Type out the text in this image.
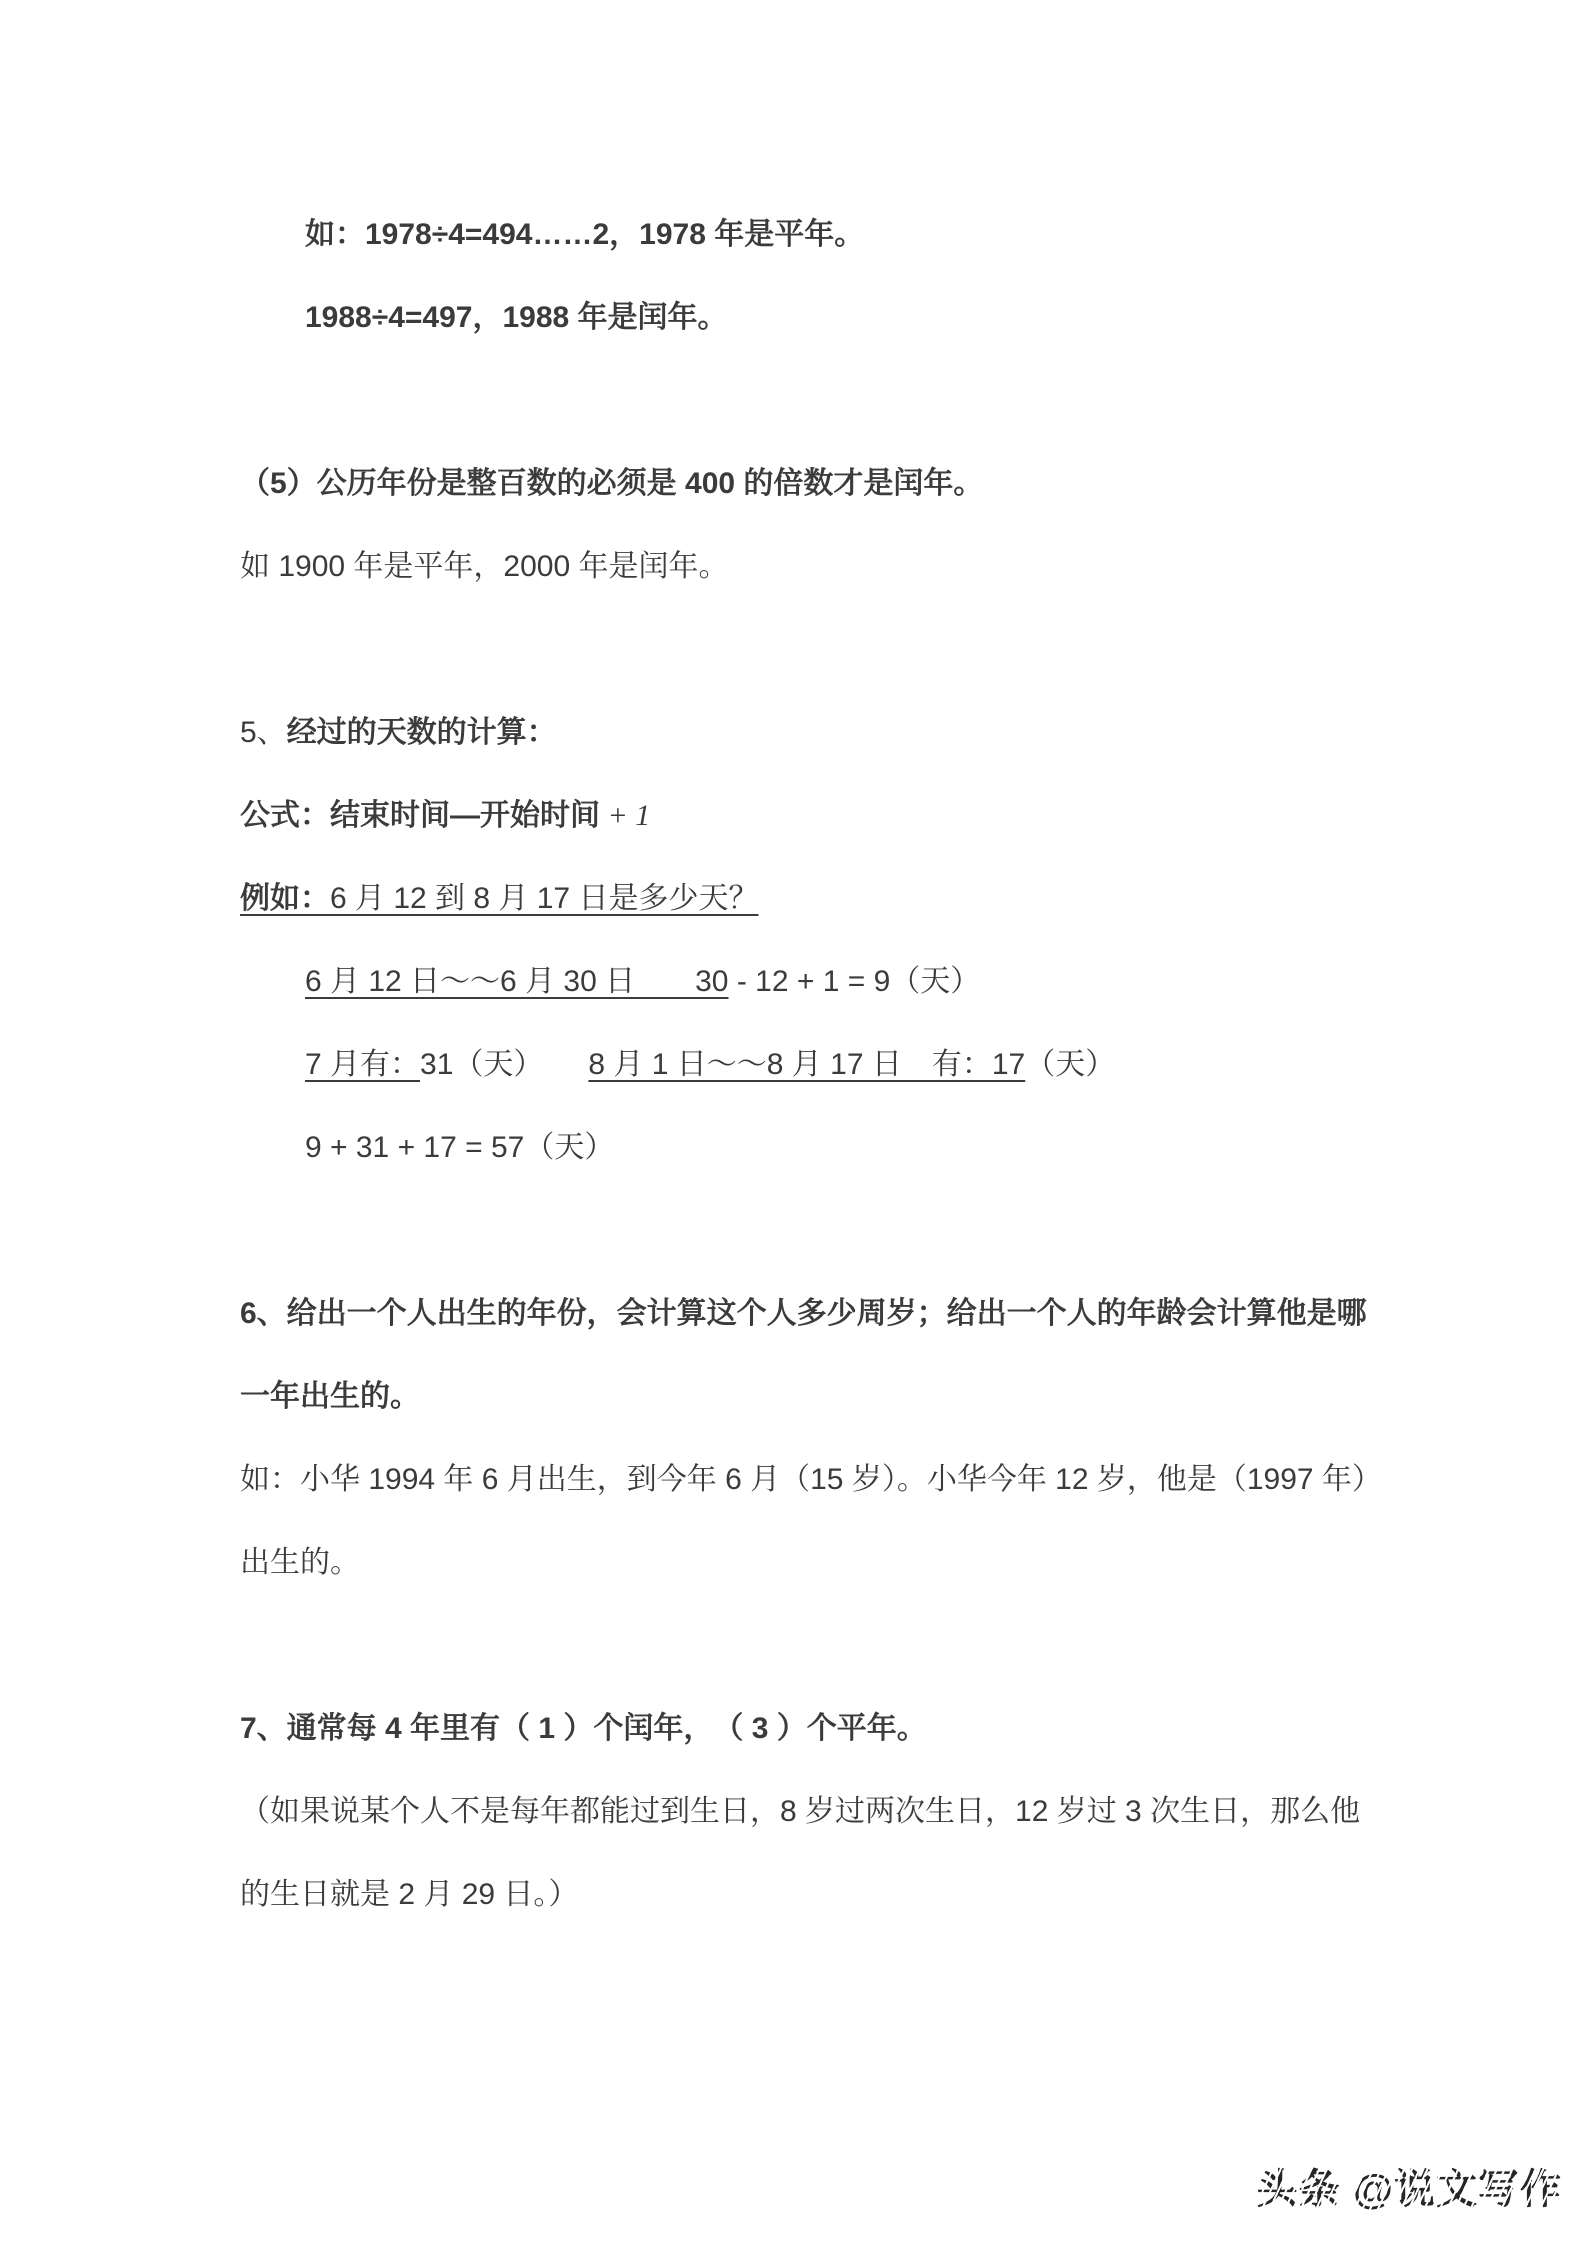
如：1978÷4=494……2，1978 年是平年。

1988÷4=497，1988 年是闰年。

（5）公历年份是整百数的必须是 400 的倍数才是闰年。

如 1900 年是平年，2000 年是闰年。

5、经过的天数的计算：

公式：结束时间—开始时间 + 1

例如：6 月 12 到 8 月 17 日是多少天？

6 月 12 日～～6 月 30 日　　30 - 12 + 1 = 9（天）

7 月有：31（天）　　8 月 1 日～～8 月 17 日　有：17（天）

9 + 31 + 17 = 57（天）

6、给出一个人出生的年份，会计算这个人多少周岁；给出一个人的年龄会计算他是哪

一年出生的。

如：小华 1994 年 6 月出生，到今年 6 月（15 岁）。小华今年 12 岁，他是（1997 年）

出生的。

7、通常每 4 年里有（ 1 ）个闰年，　（ 3 ）个平年。

（如果说某个人不是每年都能过到生日，8 岁过两次生日，12 岁过 3 次生日，那么他

的生日就是 2 月 29 日。）

头条 @说文写作
